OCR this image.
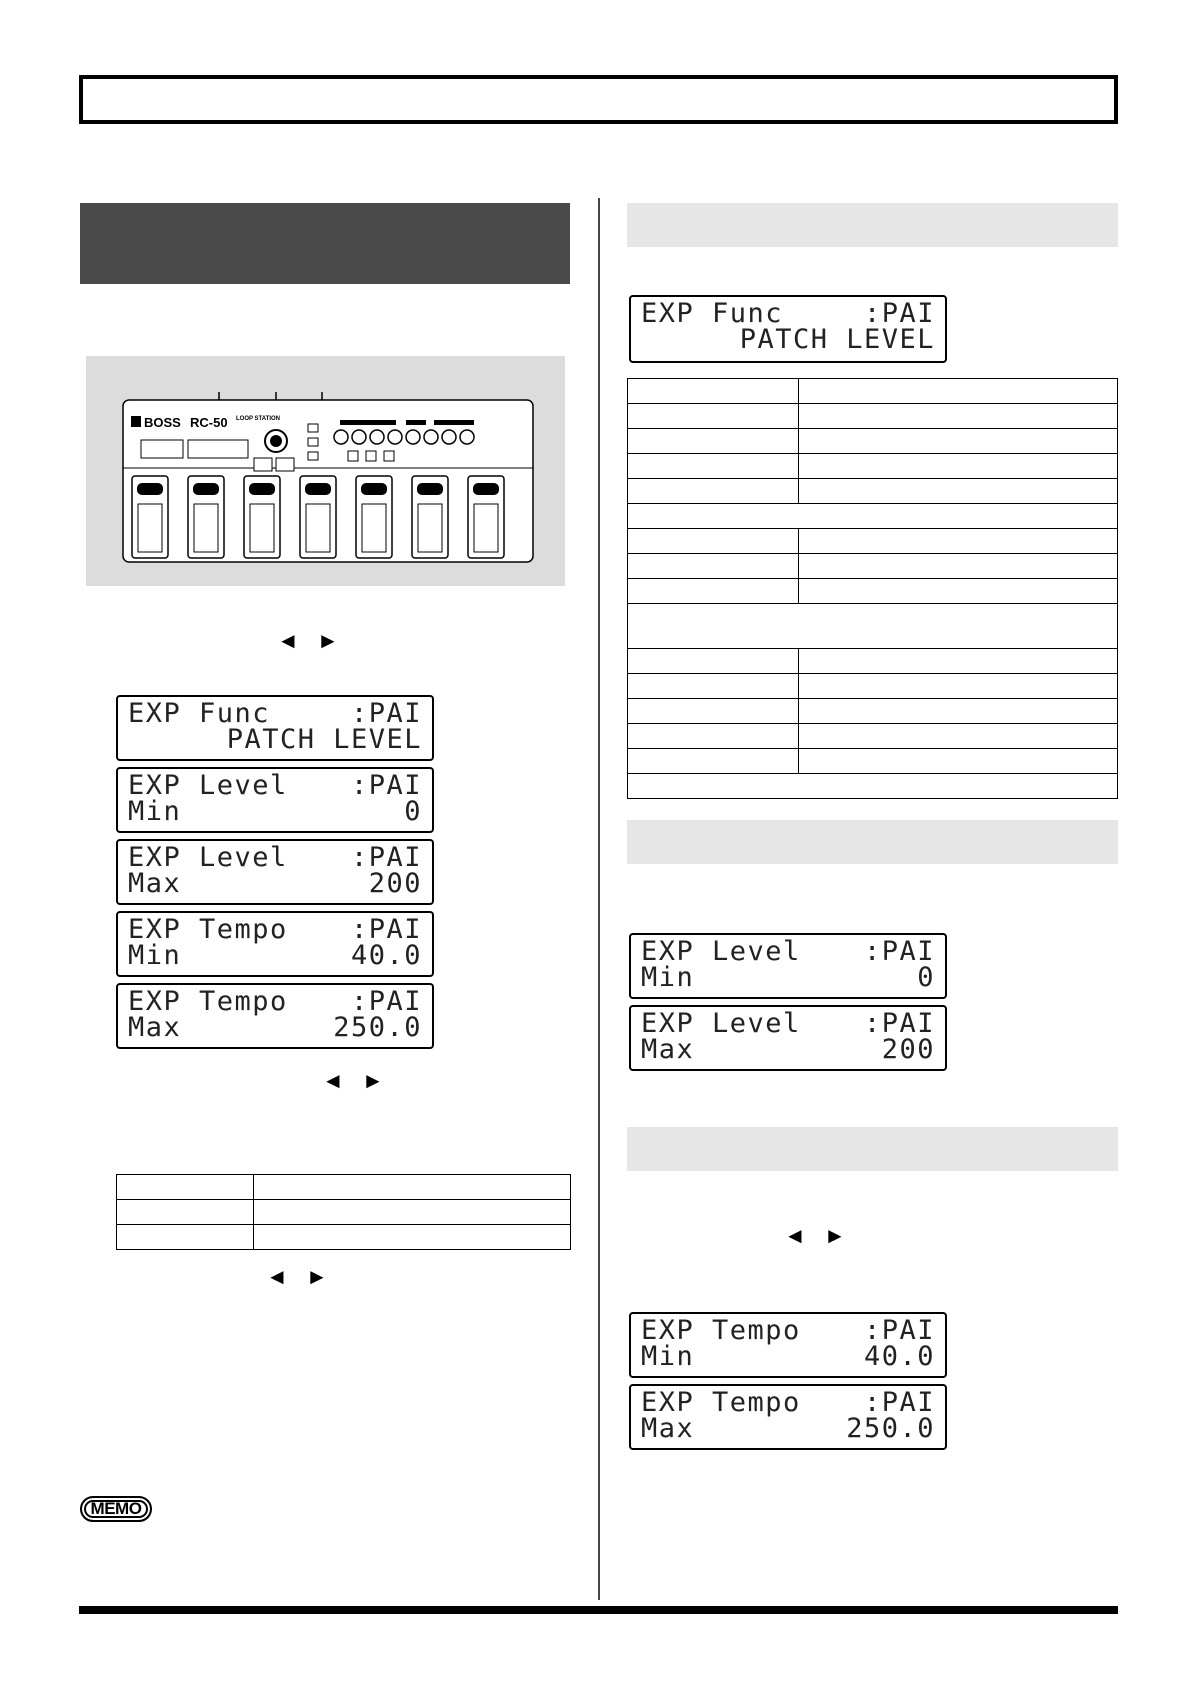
BOSS RC-50 LOOP STATION
◄  ►
EXP Func	:PAI
PATCH LEVEL
EXP Level :PAI
Min	0
EXP Level :PAI
Max	200
EXP Tempo :PAI
Min	40.0
EXP Tempo :PAI
Max	250.0
◄  ►

◄  ►
MEMO
EXP Func	:PAI
PATCH LEVEL

EXP Level :PAI
Min	0
EXP Level :PAI
Max	200
◄  ►
EXP Tempo :PAI
Min	40.0
EXP Tempo :PAI
Max	250.0
